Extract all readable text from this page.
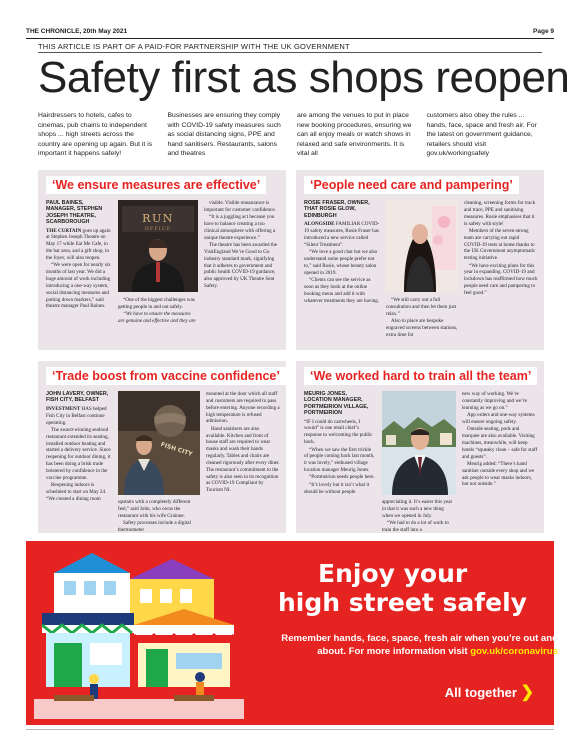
THE CHRONICLE, 20th May 2021	Page 9
THIS ARTICLE IS PART OF A PAID-FOR PARTNERSHIP WITH THE UK GOVERNMENT
Safety first as shops reopen
Hairdressers to hotels, cafes to cinemas, pub chains to independent shops ... high streets across the country are opening up again. But it is important it happens safely!
Businesses are ensuring they comply with COVID-19 safety measures such as social distancing signs, PPE and hand sanitisers. Restaurants, salons and theatres
are among the venues to put in place new booking procedures, ensuring we can all enjoy meals or watch shows in relaxed and safe environments. It is vital all
customers also obey the rules ... hands, face, space and fresh air. For the latest on government guidance, retailers should visit gov.uk/workingsafely
‘We ensure measures are effective’
PAUL BAINES, MANAGER, STEPHEN JOSEPH THEATRE, SCARBOROUGH

THE CURTAIN goes up again at Stephen Joseph Theatre on May 17 while Eat Me Cafe, in the bar area, and a gift shop, in the foyer, will also reopen.

“We were open for nearly six months of last year. We did a huge amount of work including introducing a one-way system, social distancing measures and putting down markers,” said theatre manager Paul Baines.

RUN
OFFICE

“One of the biggest challenges was getting people in and out safely.

“We have to ensure the measures are genuine and effective and they are

visible. Visible reassurance is important for customer confidence.

“It is a juggling act because you have to balance creating a too clinical atmosphere with offering a unique theatre experience.”

The theatre has been awarded the VisitEngland We’re Good to Go industry standard mark, signifying that it adheres to government and public health COVID-19 guidance, also approved by UK Theatre Seat Safety.

‘People need care and pampering’
ROSIE FRASER, OWNER, THAT ROSIE GLOW, EDINBURGH

ALONGSIDE FAMILIAR COVID-19 safety measures, Rosie Fraser has introduced a new service called “Silent Treatment”.

“We love a good chat but we also understand some people prefer not to,” said Rosie, whose beauty salon opened in 2019.

“Clients can see the service as soon as they book at the online booking menu and add it with whatever treatments they are having.	“We still carry out a full consultation and then let them just relax.”

Also in place are bespoke engraved screens between stations, extra time for

cleaning, screening forms for track and trace, PPE and sanitising measures. Rosie emphasises that it is safety with style!

Members of the seven-strong team are carrying out rapid COVID-19 tests at home thanks to the UK Government asymptomatic testing initiative.

“We have exciting plans for this year in expanding. COVID-19 and lockdown has reaffirmed how much people need care and pampering to feel good.”

‘Trade boost from vaccine confidence’
JOHN LAVERY, OWNER, FISH CITY, BELFAST

INVESTMENT HAS helped Fish City in Belfast continue operating.

The award-winning seafood restaurant extended its seating, installed outdoor heating and started a delivery service. Since reopening for outdoor dining, it has been doing a brisk trade bolstered by confidence in the vaccine programme.

Reopening indoors is scheduled to start on May 24. “We created a dining room

FISH CITY

upstairs with a completely different feel,” said John, who owns the restaurant with his wife Grainne.

Safety processes include a digital thermometer

mounted at the door which all staff and customers are required to pass before entering. Anyone recording a high temperature is refused admission.

Hand sanitisers are also available. Kitchen and front of house staff are required to wear masks and wash their hands regularly. Tables and chairs are cleaned rigorously after every diner. The restaurant’s commitment to the safety is also seen in its recognition as COVID-19 Compliant by Tourism NI.

‘We worked hard to train all the team’
MEURIG JONES, LOCATION MANAGER, PORTMEIRION VILLAGE, PORTMEIRION

“IF I could do cartwheels, I would” is one retail chief’s response to welcoming the public back.

“When we saw the first trickle of people coming back last month, it was lovely,” enthused village location manager Meurig Jones.

“Portmeirion needs people here.

“It’s lovely but it isn’t what it should be without people

appreciating it. It’s easier this year in that it was such a new thing when we opened in July.

“We had to do a lot of work to train the staff into a

new way of working. We’re constantly improving and we’re learning as we go on.”

App orders and one-way systems will ensure ongoing safety.

Outside seating, pods and marquee are also available. Visiting machines, meanwhile, will keep hotels “squeaky clean – safe for staff and guests”.

Meurig added: “There’s hand sanitiser outside every shop and we ask people to wear masks indoors, but not outside.”

Enjoy your
high street safely
Remember hands, face, space, fresh air when you’re out and about. For more information visit gov.uk/coronavirus
All together ❯
